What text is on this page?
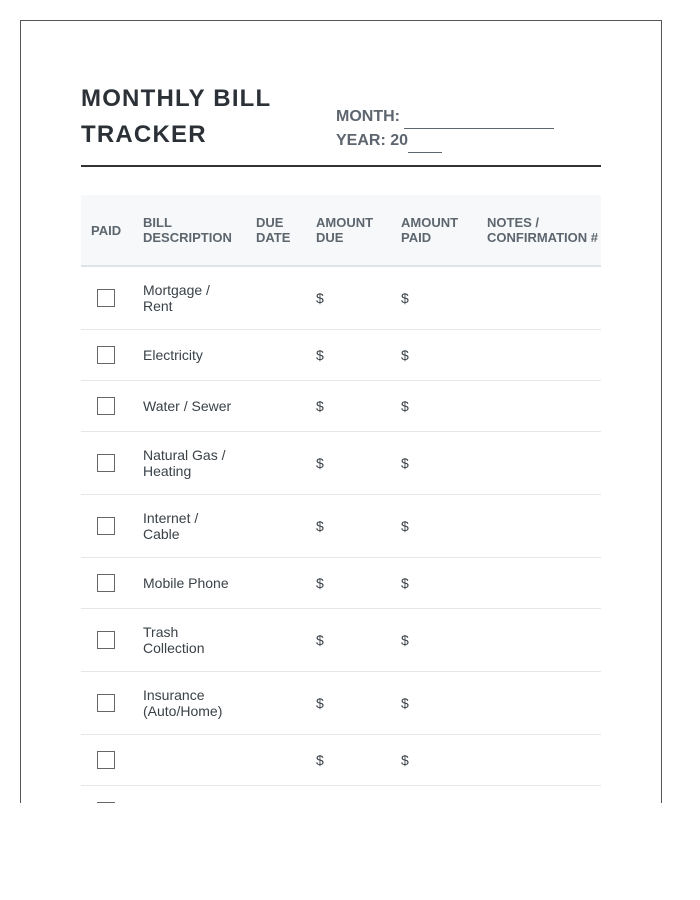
MONTHLY BILL
TRACKER
MONTH:
YEAR: 20
PAID	BILL DESCRIPTION	DUE DATE	AMOUNT DUE	AMOUNT PAID	NOTES / CONFIRMATION #
	Mortgage / Rent		$	$	
	Electricity		$	$	
	Water / Sewer		$	$	
	Natural Gas / Heating		$	$	
	Internet / Cable		$	$	
	Mobile Phone		$	$	
	Trash Collection		$	$	
	Insurance (Auto/Home)		$	$	
			$	$	
